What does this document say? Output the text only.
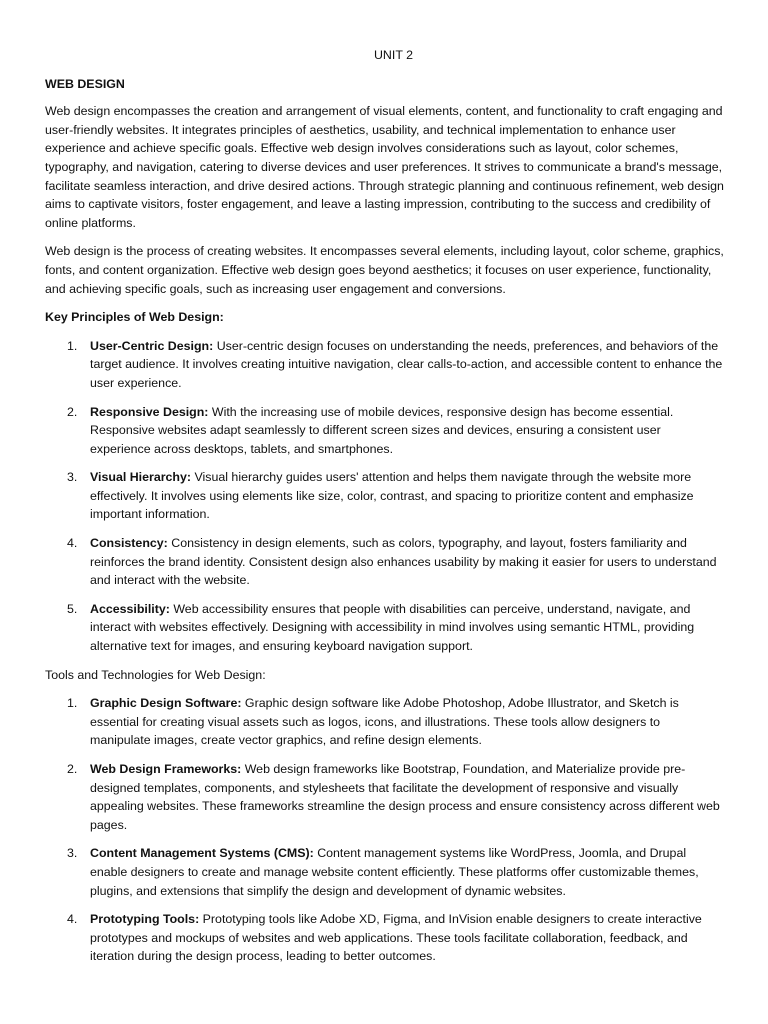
UNIT 2
WEB DESIGN

Web design encompasses the creation and arrangement of visual elements, content, and functionality to craft engaging and user-friendly websites. It integrates principles of aesthetics, usability, and technical implementation to enhance user experience and achieve specific goals. Effective web design involves considerations such as layout, color schemes, typography, and navigation, catering to diverse devices and user preferences. It strives to communicate a brand's message, facilitate seamless interaction, and drive desired actions. Through strategic planning and continuous refinement, web design aims to captivate visitors, foster engagement, and leave a lasting impression, contributing to the success and credibility of online platforms.

Web design is the process of creating websites. It encompasses several elements, including layout, color scheme, graphics, fonts, and content organization. Effective web design goes beyond aesthetics; it focuses on user experience, functionality, and achieving specific goals, such as increasing user engagement and conversions.

Key Principles of Web Design:
1. User-Centric Design: User-centric design focuses on understanding the needs, preferences, and behaviors of the target audience. It involves creating intuitive navigation, clear calls-to-action, and accessible content to enhance the user experience.
2. Responsive Design: With the increasing use of mobile devices, responsive design has become essential. Responsive websites adapt seamlessly to different screen sizes and devices, ensuring a consistent user experience across desktops, tablets, and smartphones.
3. Visual Hierarchy: Visual hierarchy guides users' attention and helps them navigate through the website more effectively. It involves using elements like size, color, contrast, and spacing to prioritize content and emphasize important information.
4. Consistency: Consistency in design elements, such as colors, typography, and layout, fosters familiarity and reinforces the brand identity. Consistent design also enhances usability by making it easier for users to understand and interact with the website.
5. Accessibility: Web accessibility ensures that people with disabilities can perceive, understand, navigate, and interact with websites effectively. Designing with accessibility in mind involves using semantic HTML, providing alternative text for images, and ensuring keyboard navigation support.
Tools and Technologies for Web Design:
1. Graphic Design Software: Graphic design software like Adobe Photoshop, Adobe Illustrator, and Sketch is essential for creating visual assets such as logos, icons, and illustrations. These tools allow designers to manipulate images, create vector graphics, and refine design elements.
2. Web Design Frameworks: Web design frameworks like Bootstrap, Foundation, and Materialize provide pre-designed templates, components, and stylesheets that facilitate the development of responsive and visually appealing websites. These frameworks streamline the design process and ensure consistency across different web pages.
3. Content Management Systems (CMS): Content management systems like WordPress, Joomla, and Drupal enable designers to create and manage website content efficiently. These platforms offer customizable themes, plugins, and extensions that simplify the design and development of dynamic websites.
4. Prototyping Tools: Prototyping tools like Adobe XD, Figma, and InVision enable designers to create interactive prototypes and mockups of websites and web applications. These tools facilitate collaboration, feedback, and iteration during the design process, leading to better outcomes.
